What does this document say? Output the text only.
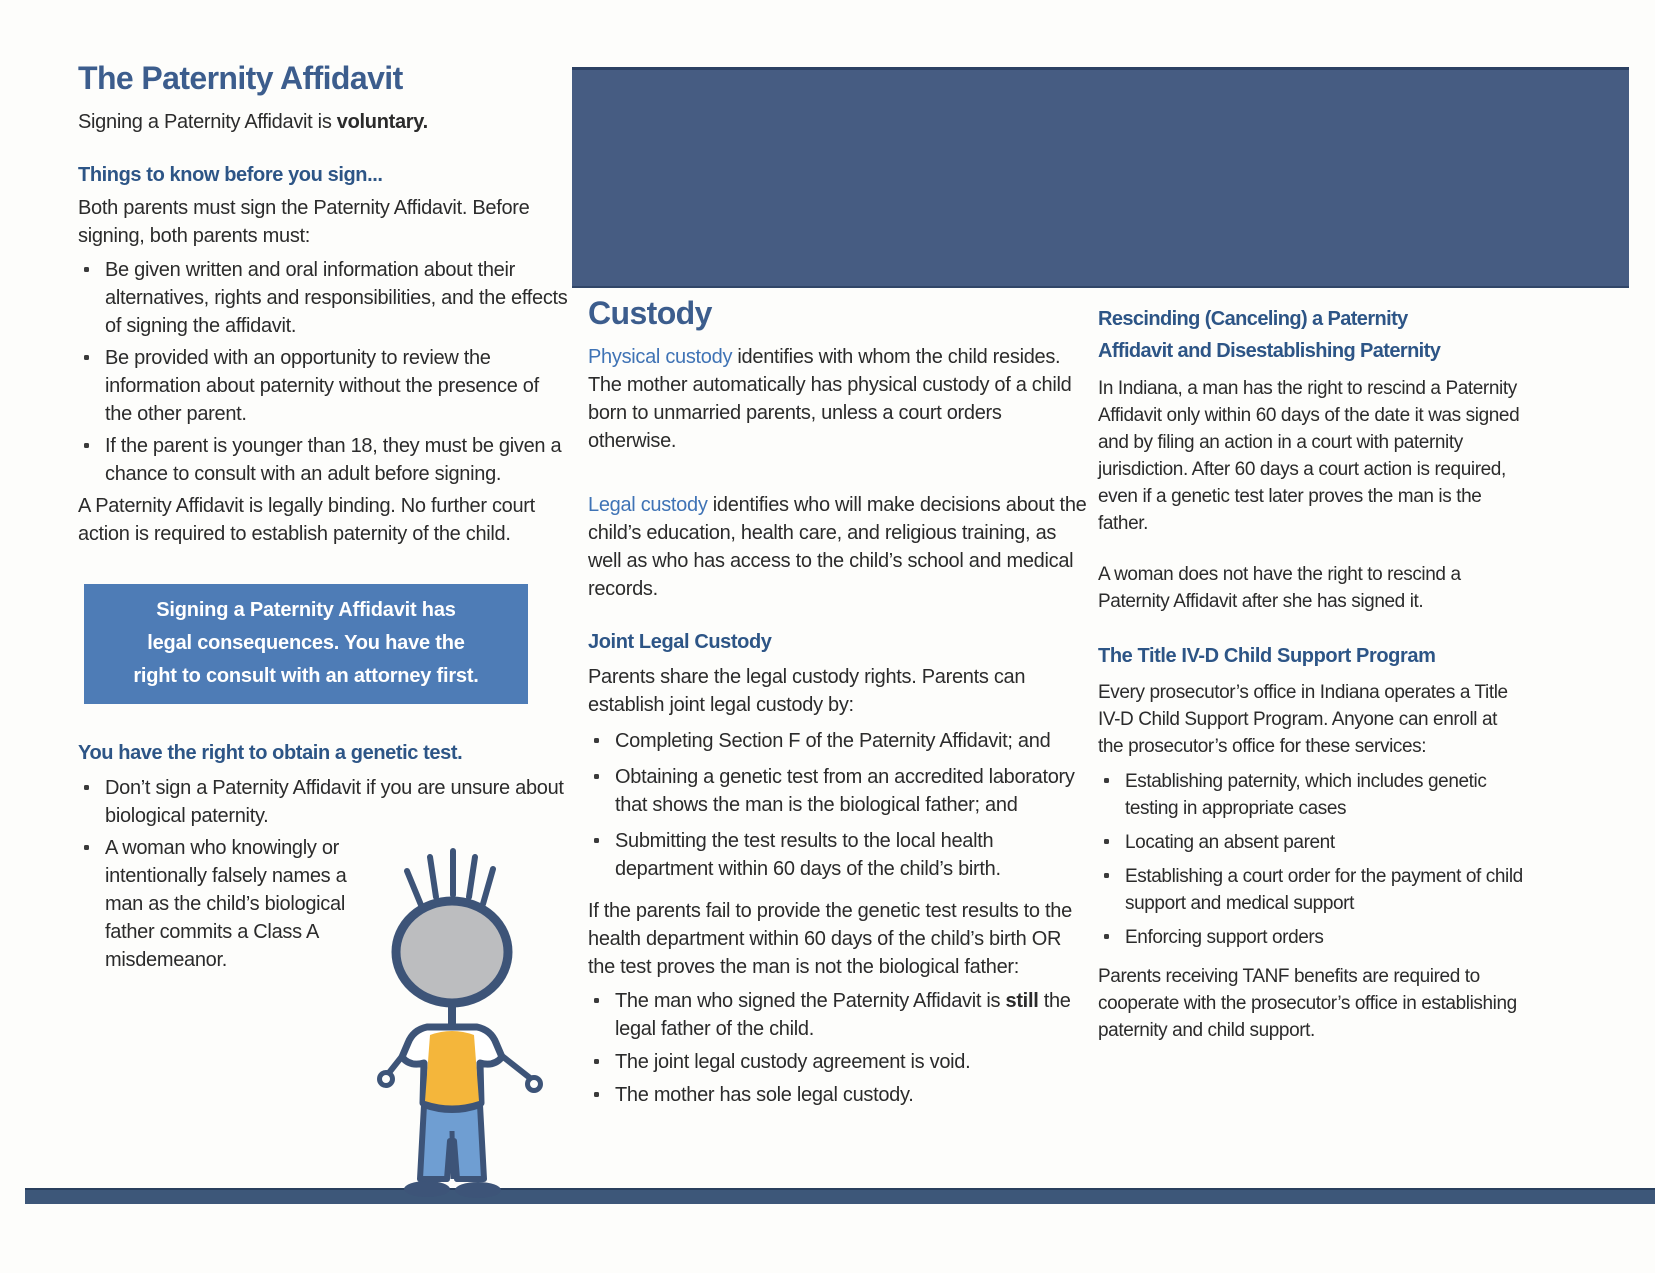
The Paternity Affidavit

Signing a Paternity Affidavit is voluntary.

Things to know before you sign...

Both parents must sign the Paternity Affidavit. Before signing, both parents must:

Be given written and oral information about their alternatives, rights and responsibilities, and the effects of signing the affidavit.
Be provided with an opportunity to review the information about paternity without the presence of the other parent.
If the parent is younger than 18, they must be given a chance to consult with an adult before signing.

A Paternity Affidavit is legally binding. No further court action is required to establish paternity of the child.

Signing a Paternity Affidavit has
legal consequences. You have the
right to consult with an attorney first.
You have the right to obtain a genetic test.
Don’t sign a Paternity Affidavit if you are unsure about biological paternity.
A woman who knowingly or intentionally falsely names a man as the child’s biological father commits a Class A misdemeanor.
Custody

Physical custody identifies with whom the child resides. The mother automatically has physical custody of a child born to unmarried parents, unless a court orders otherwise.

Legal custody identifies who will make decisions about the child’s education, health care, and religious training, as well as who has access to the child’s school and medical records.

Joint Legal Custody

Parents share the legal custody rights. Parents can establish joint legal custody by:

Completing Section F of the Paternity Affidavit; and
Obtaining a genetic test from an accredited laboratory that shows the man is the biological father; and
Submitting the test results to the local health department within 60 days of the child’s birth.

If the parents fail to provide the genetic test results to the health department within 60 days of the child’s birth OR the test proves the man is not the biological father:

The man who signed the Paternity Affidavit is still the legal father of the child.
The joint legal custody agreement is void.
The mother has sole legal custody.
Rescinding (Canceling) a Paternity
Affidavit and Disestablishing Paternity

In Indiana, a man has the right to rescind a Paternity Affidavit only within 60 days of the date it was signed and by filing an action in a court with paternity jurisdiction. After 60 days a court action is required, even if a genetic test later proves the man is the father.

A woman does not have the right to rescind a Paternity Affidavit after she has signed it.

The Title IV-D Child Support Program

Every prosecutor’s office in Indiana operates a Title IV-D Child Support Program. Anyone can enroll at the prosecutor’s office for these services:

Establishing paternity, which includes genetic testing in appropriate cases
Locating an absent parent
Establishing a court order for the payment of child support and medical support
Enforcing support orders

Parents receiving TANF benefits are required to cooperate with the prosecutor’s office in establishing paternity and child support.
